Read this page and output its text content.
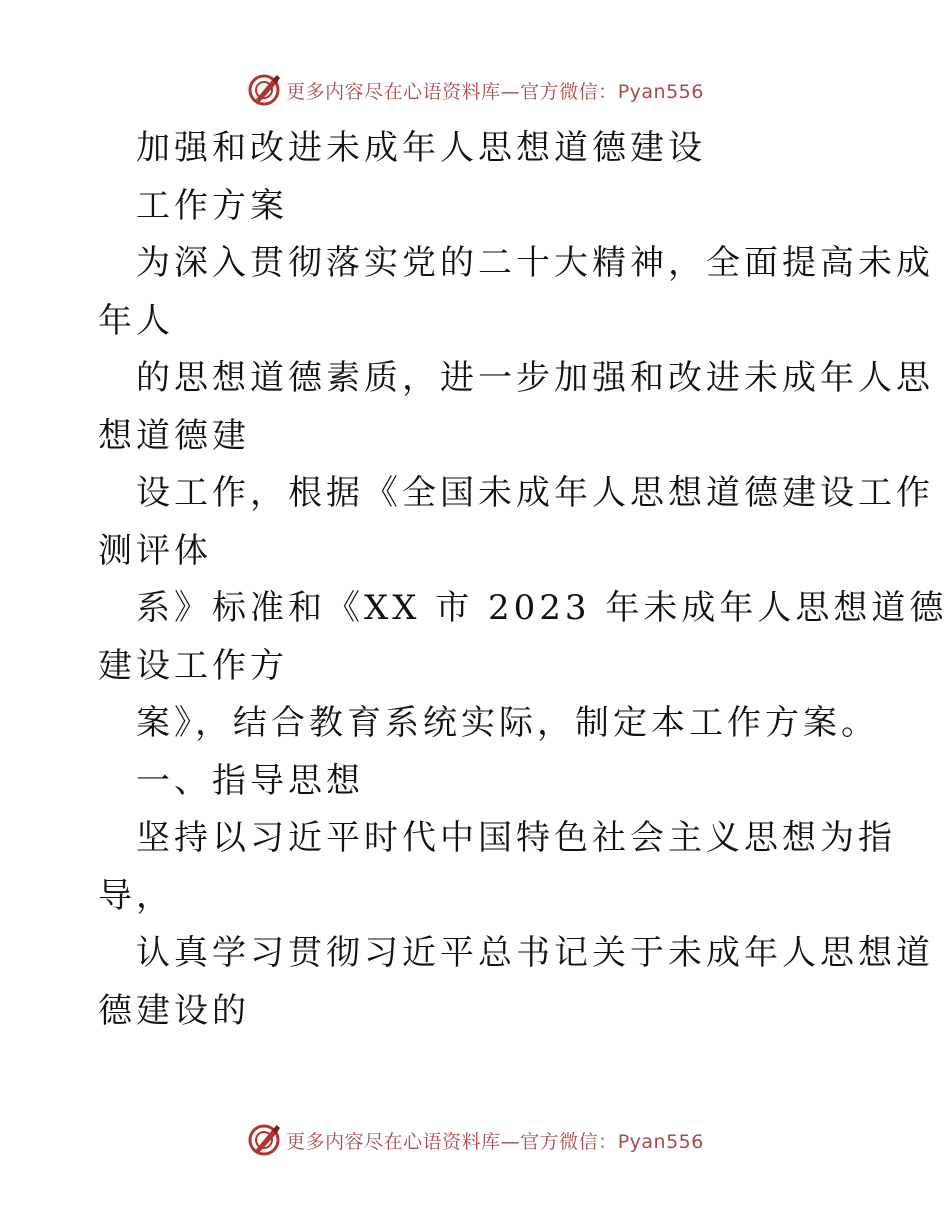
更多内容尽在心语资料库—官方微信：Pyan556
加强和改进未成年人思想道德建设
工作方案
为深入贯彻落实党的二十大精神，全面提高未成
年人
的思想道德素质，进一步加强和改进未成年人思
想道德建
设工作，根据《全国未成年人思想道德建设工作
测评体
系》标准和《XX 市 2023 年未成年人思想道德
建设工作方
案》，结合教育系统实际，制定本工作方案。
一、指导思想
坚持以习近平时代中国特色社会主义思想为指
导，
认真学习贯彻习近平总书记关于未成年人思想道
德建设的
更多内容尽在心语资料库—官方微信：Pyan556
